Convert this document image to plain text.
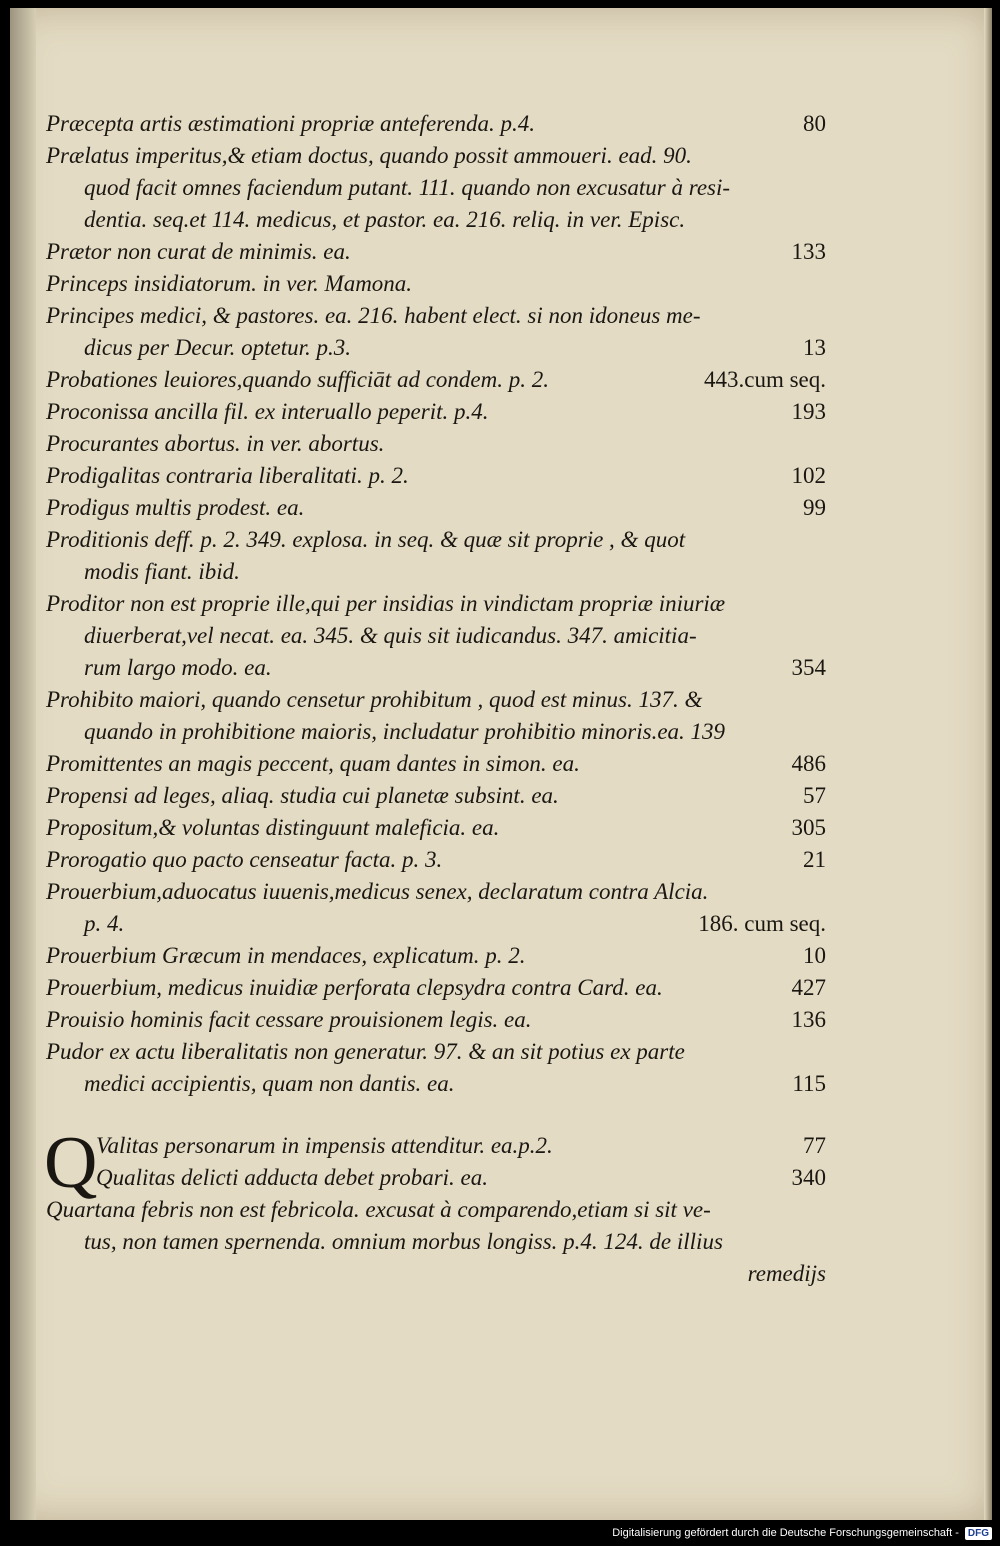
Præcepta artis æstimationi propriæ anteferenda. p.4.	80
Prælatus imperitus,& etiam doctus, quando possit ammoueri. ead. 90.
quod facit omnes faciendum putant. 111. quando non excusatur à resi-
dentia. seq.et 114. medicus, et pastor. ea. 216. reliq. in ver. Episc.
Prætor non curat de minimis. ea.	133
Princeps insidiatorum. in ver. Mamona.
Principes medici, & pastores. ea. 216. habent elect. si non idoneus me-
dicus per Decur. optetur. p.3.	13
Probationes leuiores,quando sufficiāt ad condem. p. 2.	443.cum seq.
Proconissa ancilla fil. ex interuallo peperit. p.4.	193
Procurantes abortus. in ver. abortus.
Prodigalitas contraria liberalitati. p. 2.	102
Prodigus multis prodest. ea.	99
Proditionis deff. p. 2. 349. explosa. in seq. & quæ sit proprie , & quot
modis fiant. ibid.
Proditor non est proprie ille,qui per insidias in vindictam propriæ iniuriæ
diuerberat,vel necat. ea. 345. & quis sit iudicandus. 347. amicitia-
rum largo modo. ea.	354
Prohibito maiori, quando censetur prohibitum , quod est minus. 137. &
quando in prohibitione maioris, includatur prohibitio minoris.ea. 139
Promittentes an magis peccent, quam dantes in simon. ea.	486
Propensi ad leges, aliaq. studia cui planetæ subsint. ea.	57
Propositum,& voluntas distinguunt maleficia. ea.	305
Prorogatio quo pacto censeatur facta. p. 3.	21
Prouerbium,aduocatus iuuenis,medicus senex, declaratum contra Alcia.
p. 4.	186. cum seq.
Prouerbium Græcum in mendaces, explicatum. p. 2.	10
Prouerbium, medicus inuidiæ perforata clepsydra contra Card. ea.	427
Prouisio hominis facit cessare prouisionem legis. ea.	136
Pudor ex actu liberalitatis non generatur. 97. & an sit potius ex parte
medici accipientis, quam non dantis. ea.	115
Q
Valitas personarum in impensis attenditur. ea.p.2.	77
Qualitas delicti adducta debet probari. ea.	340
Quartana febris non est febricola. excusat à comparendo,etiam si sit ve-
tus, non tamen spernenda. omnium morbus longiss. p.4. 124. de illius
remedijs
Digitalisierung gefördert durch die Deutsche Forschungsgemeinschaft - DFG
